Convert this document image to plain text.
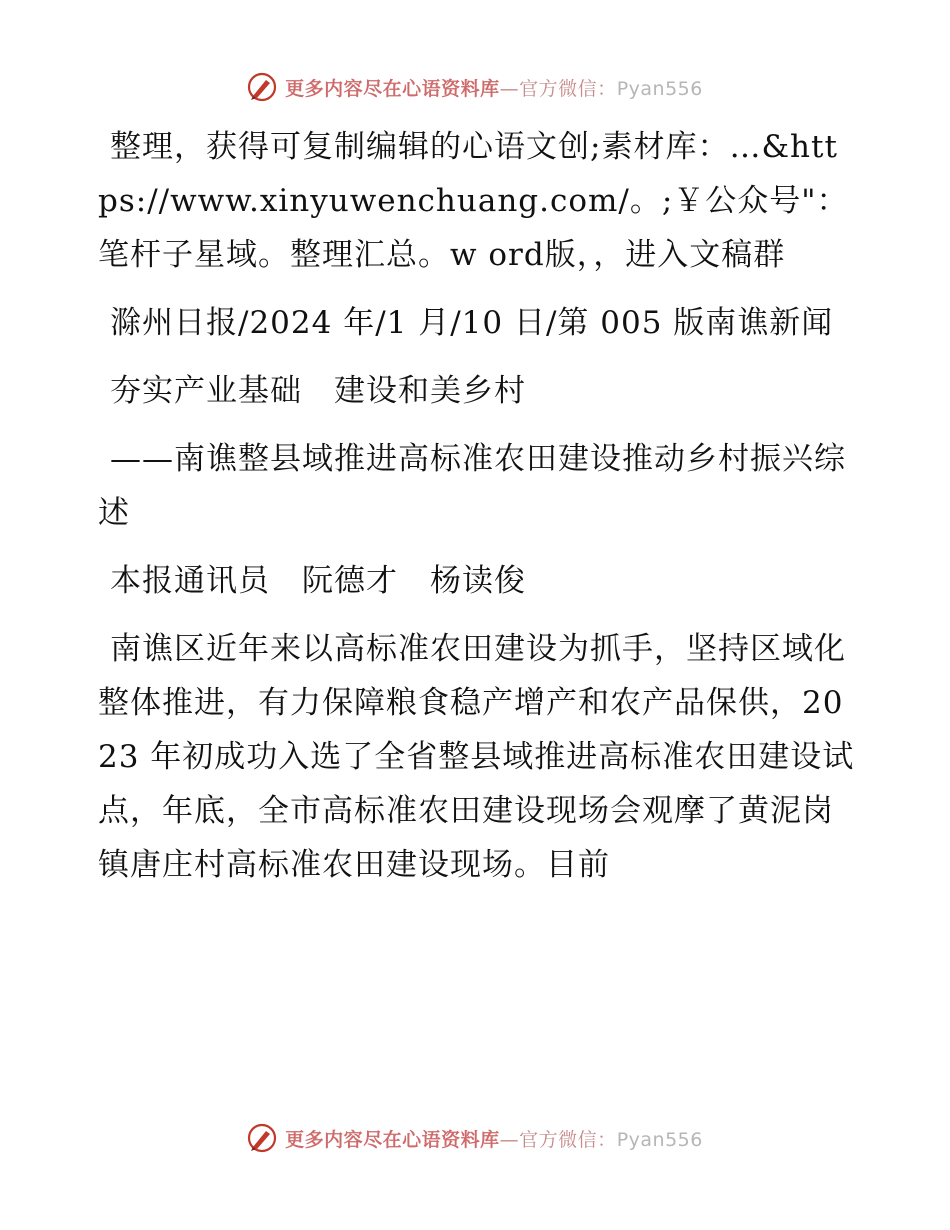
更多内容尽在心语资料库—官方微信：Pyan556

整理，获得可复制编辑的心语文创;素材库：…&https://www.xinyuwenchuang.com/。;￥公众号"：笔杆子星域。整理汇总。w ord版，，进入文稿群

滁州日报/2024 年/1 月/10 日/第 005 版南谯新闻

夯实产业基础　建设和美乡村

——南谯整县域推进高标准农田建设推动乡村振兴综述

本报通讯员　阮德才　杨读俊

南谯区近年来以高标准农田建设为抓手，坚持区域化整体推进，有力保障粮食稳产增产和农产品保供，2023 年初成功入选了全省整县域推进高标准农田建设试点，年底，全市高标准农田建设现场会观摩了黄泥岗镇唐庄村高标准农田建设现场。目前

更多内容尽在心语资料库—官方微信：Pyan556
